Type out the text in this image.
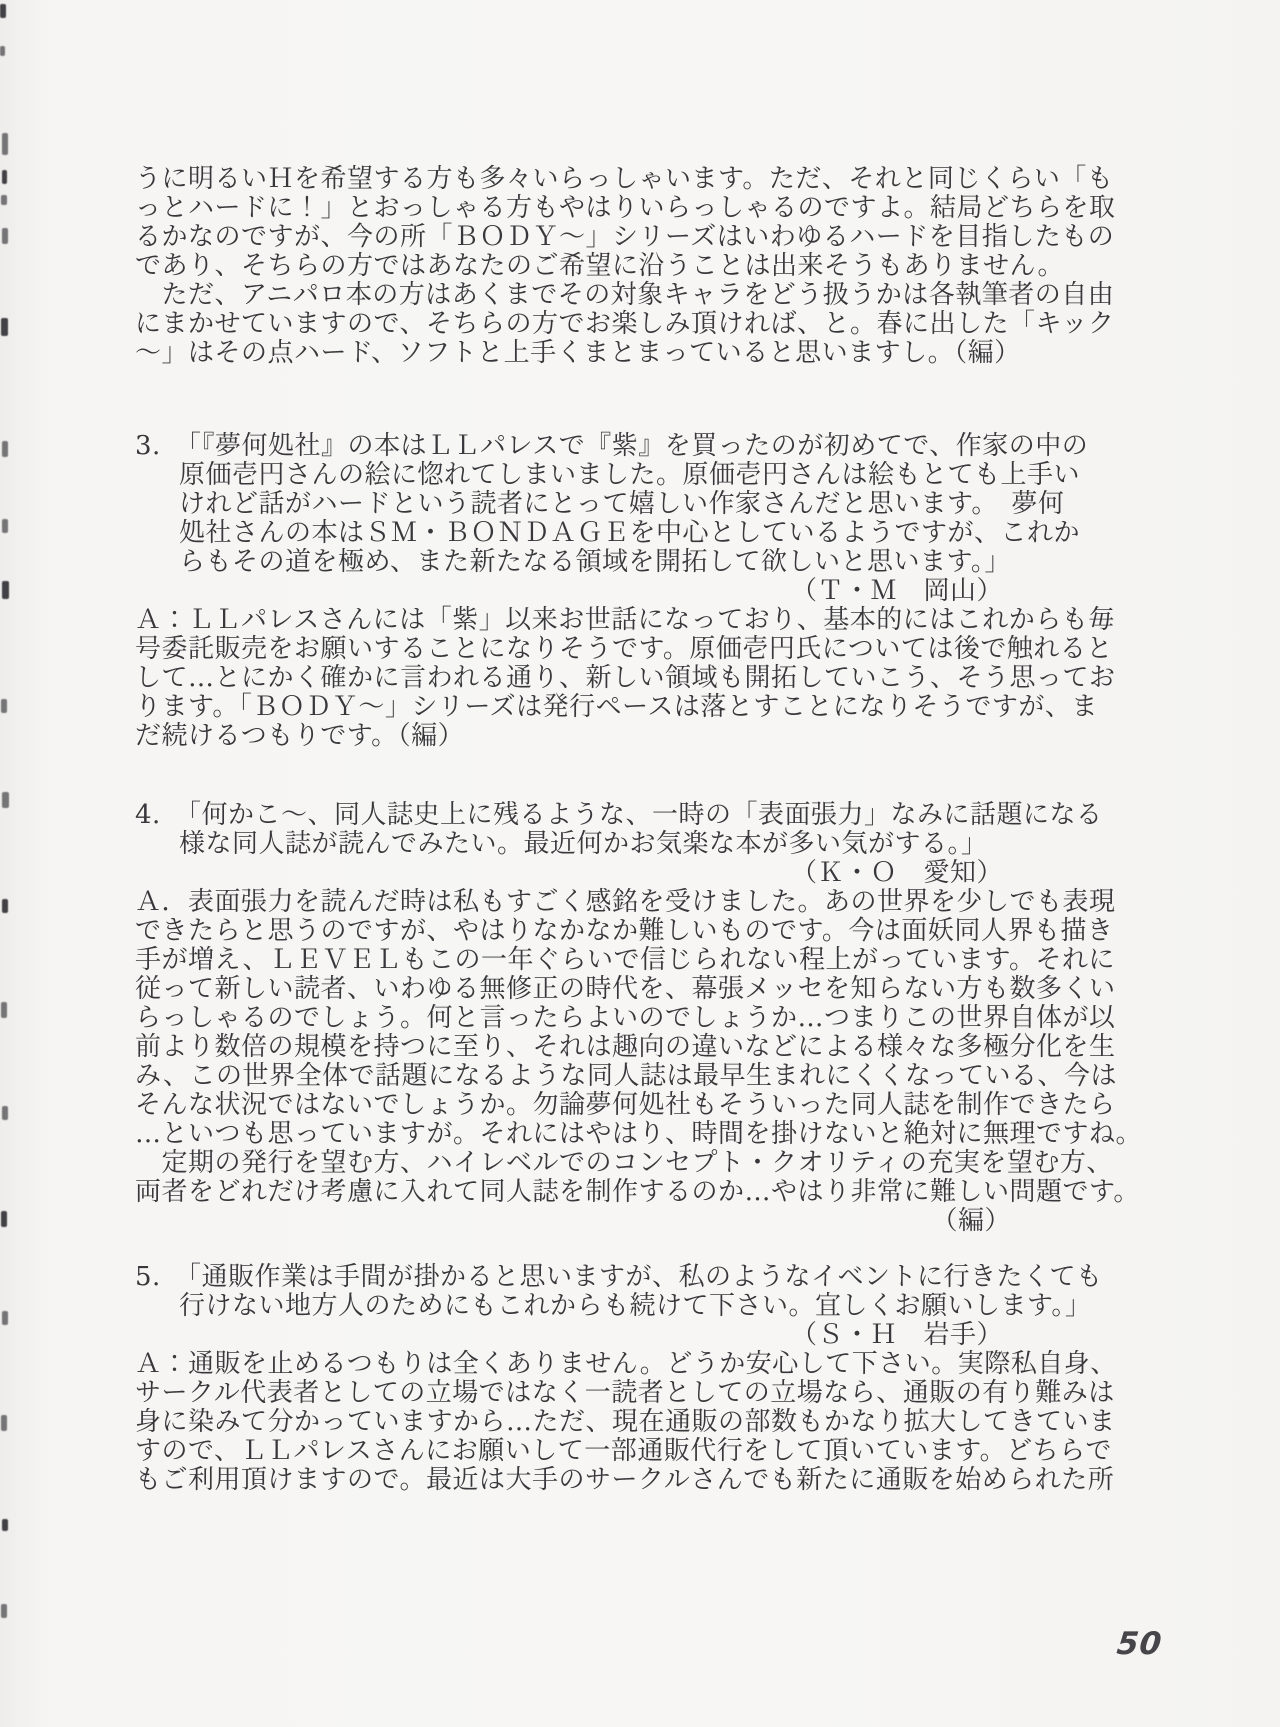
うに明るいＨを希望する方も多々いらっしゃいます。ただ、それと同じくらい「も
っとハードに！」とおっしゃる方もやはりいらっしゃるのですよ。結局どちらを取
るかなのですが、今の所「ＢＯＤＹ～」シリーズはいわゆるハードを目指したもの
であり、そちらの方ではあなたのご希望に沿うことは出来そうもありません。
　ただ、アニパロ本の方はあくまでその対象キャラをどう扱うかは各執筆者の自由
にまかせていますので、そちらの方でお楽しみ頂ければ、と。春に出した「キック
～」はその点ハード、ソフトと上手くまとまっていると思いますし。（編）
3. 「『夢何処社』の本はＬＬパレスで『紫』を買ったのが初めてで、作家の中の
原価壱円さんの絵に惚れてしまいました。原価壱円さんは絵もとても上手い
けれど話がハードという読者にとって嬉しい作家さんだと思います。　夢何
処社さんの本はＳＭ・ＢＯＮＤＡＧＥを中心としているようですが、これか
らもその道を極め、また新たなる領域を開拓して欲しいと思います。」
（Ｔ・Ｍ　岡山）
Ａ：ＬＬパレスさんには「紫」以来お世話になっており、基本的にはこれからも毎
号委託販売をお願いすることになりそうです。原価壱円氏については後で触れると
して…とにかく確かに言われる通り、新しい領域も開拓していこう、そう思ってお
ります。「ＢＯＤＹ～」シリーズは発行ペースは落とすことになりそうですが、ま
だ続けるつもりです。（編）
4. 「何かこ～、同人誌史上に残るような、一時の「表面張力」なみに話題になる
様な同人誌が読んでみたい。最近何かお気楽な本が多い気がする。」
（Ｋ・Ｏ　愛知）
Ａ．表面張力を読んだ時は私もすごく感銘を受けました。あの世界を少しでも表現
できたらと思うのですが、やはりなかなか難しいものです。今は面妖同人界も描き
手が増え、ＬＥＶＥＬもこの一年ぐらいで信じられない程上がっています。それに
従って新しい読者、いわゆる無修正の時代を、幕張メッセを知らない方も数多くい
らっしゃるのでしょう。何と言ったらよいのでしょうか…つまりこの世界自体が以
前より数倍の規模を持つに至り、それは趣向の違いなどによる様々な多極分化を生
み、この世界全体で話題になるような同人誌は最早生まれにくくなっている、今は
そんな状況ではないでしょうか。勿論夢何処社もそういった同人誌を制作できたら
…といつも思っていますが。それにはやはり、時間を掛けないと絶対に無理ですね。
　定期の発行を望む方、ハイレベルでのコンセプト・クオリティの充実を望む方、
両者をどれだけ考慮に入れて同人誌を制作するのか…やはり非常に難しい問題です。
（編）
5. 「通販作業は手間が掛かると思いますが、私のようなイベントに行きたくても
行けない地方人のためにもこれからも続けて下さい。宜しくお願いします。」
（Ｓ・Ｈ　岩手）
Ａ：通販を止めるつもりは全くありません。どうか安心して下さい。実際私自身、
サークル代表者としての立場ではなく一読者としての立場なら、通販の有り難みは
身に染みて分かっていますから…ただ、現在通販の部数もかなり拡大してきていま
すので、ＬＬパレスさんにお願いして一部通販代行をして頂いています。どちらで
もご利用頂けますので。最近は大手のサークルさんでも新たに通販を始められた所
50
